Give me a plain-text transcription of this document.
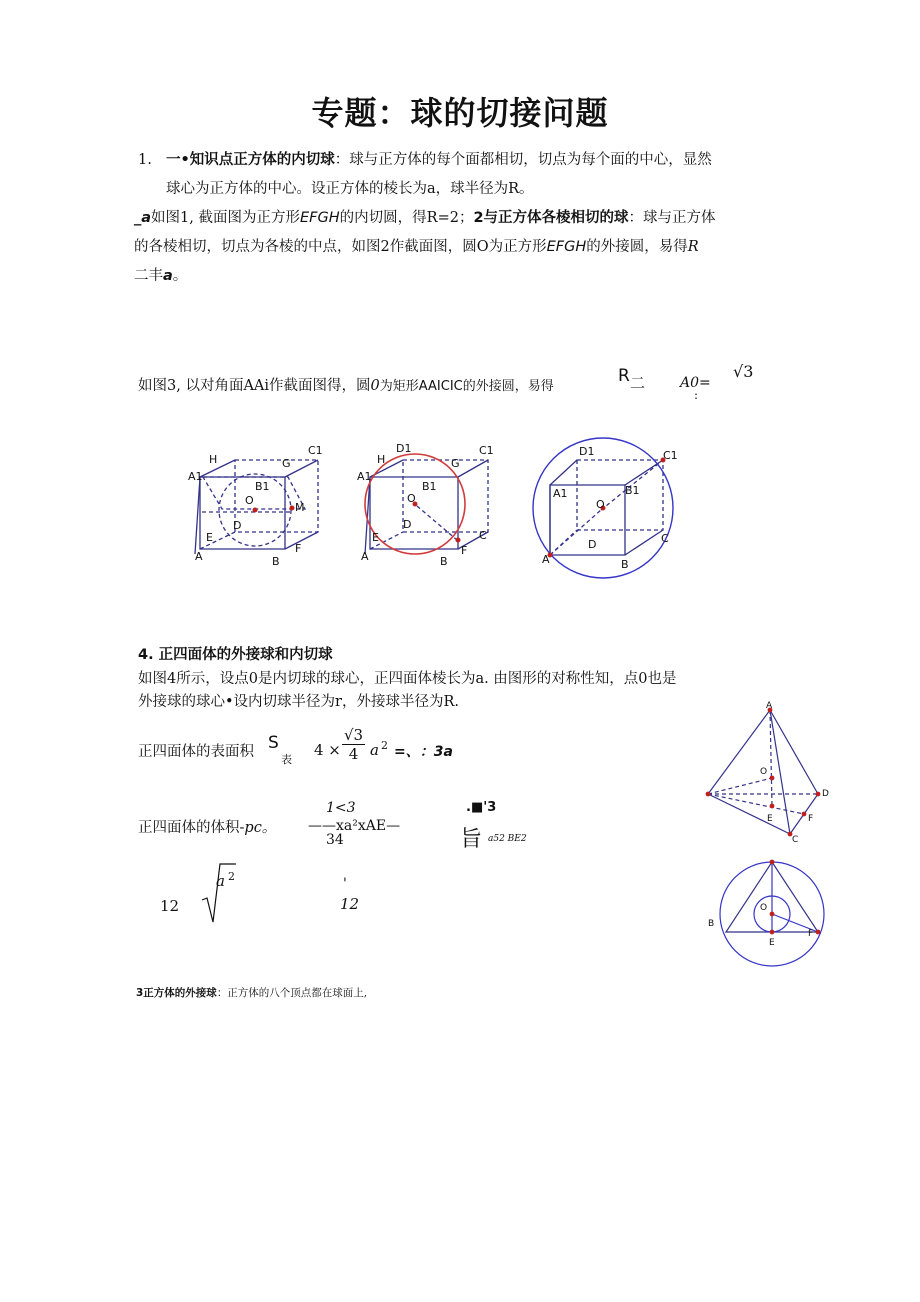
专题：球的切接问题
1. 一•知识点正方体的内切球：球与正方体的每个面都相切，切点为每个面的中心，显然
球心为正方体的中心。设正方体的棱长为a，球半径为R。
_a如图1, 截面图为正方形EFGH的内切圆，得R=2；2与正方体各棱相切的球：球与正方体
的各棱相切，切点为各棱的中点，如图2作截面图，圆O为正方形EFGH的外接圆，易得R
二丰a。
如图3, 以对角面AAi作截面图得，圆0为矩形AAICIC的外接圆，易得
R 二 A0=
√3
:
H	G
C1
A1
B1
O
M
E
F
A	B
D
D1	C1
H	G
A1
B1
O
D
E	C
F
A	B
D1	C1
A1	B1
O
D	C
A	B
4. 正四面体的外接球和内切球
如图4所示，设点0是内切球的球心，正四面体棱长为a. 由图形的对称性知，点0也是
外接球的球心•设内切球半径为r，外接球半径为R.
正四面体的表面积 S
表
$4 \times \frac{√3}{4}$ a 2 =、：3a
正四面体的体积-pc。
1<3
——xa²xAE—
34
.■'3
旨 a52 BE2
12
a 2	'
12
A
O
D
E	F
C
O
B
E
F
3正方体的外接球：正方体的八个顶点都在球面上,
